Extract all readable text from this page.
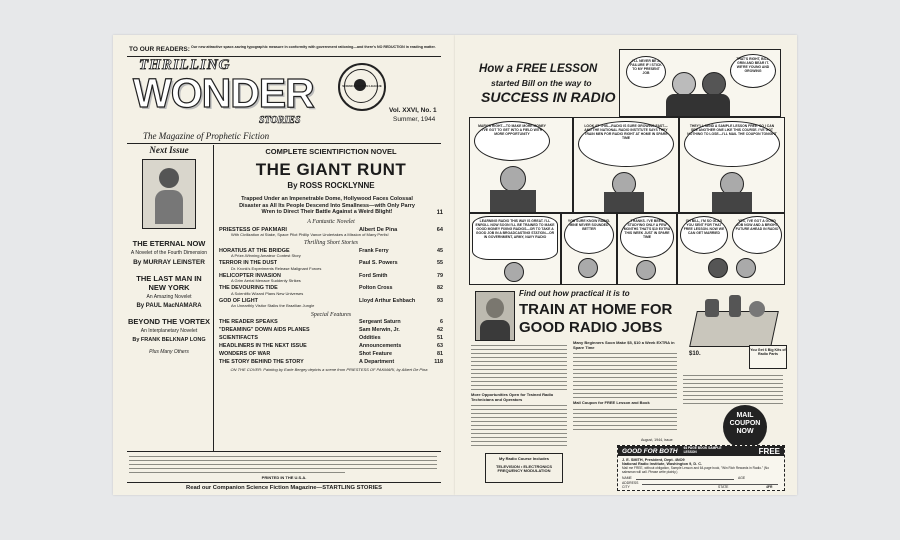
TO OUR READERS: Our new attractive space-saving typographic measure in conformity with government rationing—and there's NO REDUCTION in reading matter.
THRILLING
WONDER
STORIES
The Magazine of Prophetic Fiction
SCIENCE FICTION LEAGUE
Vol. XXVI, No. 1
Summer, 1944
Next Issue
THE ETERNAL NOW
A Novelet of the Fourth Dimension
By MURRAY LEINSTER
THE LAST MAN IN NEW YORK
An Amazing Novelet
By PAUL MacNAMARA
BEYOND THE VORTEX
An Interplanetary Novelet
By FRANK BELKNAP LONG
Plus Many Others
COMPLETE SCIENTIFICTION NOVEL
THE GIANT RUNT
By ROSS ROCKLYNNE
Trapped Under an Impenetrable Dome, Hollywood Faces Colossal Disaster as All Its People Descend Into Smallness—with Only Parry Wren to Direct Their Battle Against a Weird Blight!	11
A Fantastic Novelet
PRIESTESS OF PAKMARI	Albert De Pina	64
With Civilization at Stake, Space Pilot Phillip Vance Undertakes a Mission of Many Perils!
Thrilling Short Stories
HORATIUS AT THE BRIDGE	Frank Ferry	45
A Prize-Winning Amateur Contest Story
TERROR IN THE DUST	Paul S. Powers	55
Dr. Kronk's Experiments Release Malignant Forces
HELICOPTER INVASION	Ford Smith	79
A Grim Aerial Menace Suddenly Strikes
THE DEVOURING TIDE	Polton Cross	82
A Scientific Wizard Plans New Universes
GOD OF LIGHT	Lloyd Arthur Eshbach	93
An Unearthly Visitor Stalks the Brazilian Jungle
Special Features
THE READER SPEAKS	Sergeant Saturn	6
"DREAMING" DOWN AIDS PLANES	Sam Merwin, Jr.	42
SCIENTIFACTS	Oddities	51
HEADLINERS IN THE NEXT ISSUE	Announcements	63
WONDERS OF WAR	Shot Feature	81
THE STORY BEHIND THE STORY	A Department	118
ON THE COVER: Painting by Earle Bergey depicts a scene from PRIESTESS OF PAKMARI, by Albert De Pina
PRINTED IN THE U.S.A.
Read our Companion Science Fiction Magazine—STARTLING STORIES
How a FREE LESSON
started Bill on the way to
SUCCESS IN RADIO
I'LL NEVER BE A FAILURE IF I STICK TO MY PRESENT JOB
THAT'S RIGHT, BILL. GRIN AND BEAR IT. WE'RE YOUNG AND GROWING
MARY'S RIGHT—TO MAKE MORE MONEY I'VE GOT TO GET INTO A FIELD WITH MORE OPPORTUNITY
LOOK AT THIS—RADIO IS SURE GROWING FAST—AND THE NATIONAL RADIO INSTITUTE SAYS THEY TRAIN MEN FOR RADIO RIGHT AT HOME IN SPARE TIME
THEY'LL SEND A SAMPLE LESSON FREE. SO I CAN SEE ANOTHER ONE LIKE THIS COURSE. I'VE GOT NOTHING TO LOSE—I'LL MAIL THE COUPON TONIGHT
LEARNING RADIO THIS WAY IS GREAT. I'LL ENROLL NOW SOON I'LL BE TRAINED TO MAKE GOOD MONEY FIXING RADIOS—OR TO TAKE A GOOD JOB IN A BROADCASTING STATION—OR IN GOVERNMENT, ARMY, NAVY RADIO
YOU SURE KNOW RADIO. MINE NEVER SOUNDED BETTER
THANKS. I'VE BEEN STUDYING ONLY A FEW MONTHS THAT'S $10 EXTRA THIS WEEK JUST IN SPARE TIME
OH BILL, I'M SO GLAD YOU SENT FOR THAT FREE LESSON. NOW WE CAN GET MARRIED
YES, I'VE GOT A GOOD JOB NOW AND A BRIGHT FUTURE AHEAD IN RADIO
Find out how practical it is to
TRAIN AT HOME FOR
GOOD RADIO JOBS
You Get 6 Big Kits of Radio Parts
$10.
More Opportunities Open for Trained Radio Technicians and Operators
Many Beginners Soon Make $5, $10 a Week EXTRA in Spare Time
Mail Coupon for FREE Lesson and Book
MAIL
COUPON
NOW
My Radio Course Includes
TELEVISION • ELECTRONICS
FREQUENCY MODULATION
GOOD FOR BOTH 64 PAGE BOOK SAMPLE LESSON	FREE
J. E. SMITH, President, Dept. 4NO9
National Radio Institute, Washington 9, D. C.
Mail me FREE, without obligation, Sample Lesson and 64-page book, "Win Rich Rewards in Radio." (No salesman will call. Please write plainly.)
AGE
NAME
ADDRESS
CITY	STATE	4FR
August, 1944, issue
